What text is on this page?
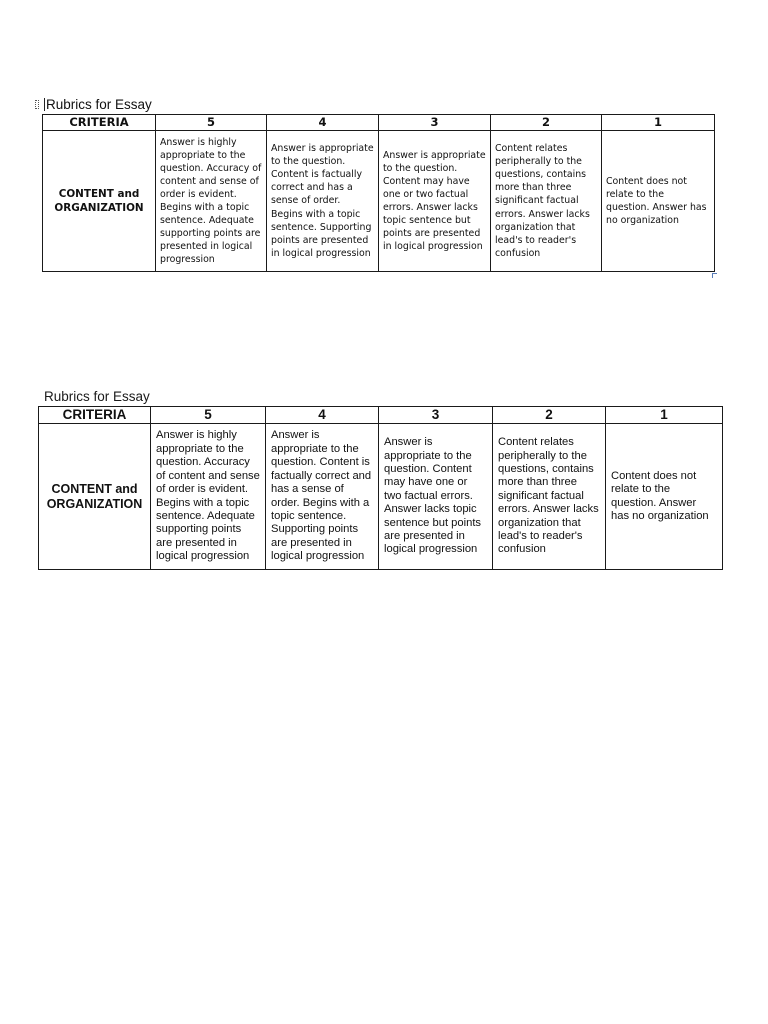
Rubrics for Essay
CRITERIA	5	4	3	2	1
CONTENT and ORGANIZATION	Answer is highly appropriate to the question. Accuracy of content and sense of order is evident. Begins with a topic sentence. Adequate supporting points are presented in logical progression	Answer is appropriate to the question. Content is factually correct and has a sense of order. Begins with a topic sentence. Supporting points are presented in logical progression	Answer is appropriate to the question. Content may have one or two factual errors. Answer lacks topic sentence but points are presented in logical progression	Content relates peripherally to the questions, contains more than three significant factual errors. Answer lacks organization that lead's to reader's confusion	Content does not relate to the question. Answer has no organization
Rubrics for Essay
CRITERIA	5	4	3	2	1
CONTENT and ORGANIZATION	Answer is highly appropriate to the question. Accuracy of content and sense of order is evident. Begins with a topic sentence. Adequate supporting points are presented in logical progression	Answer is appropriate to the question. Content is factually correct and has a sense of order. Begins with a topic sentence. Supporting points are presented in logical progression	Answer is appropriate to the question. Content may have one or two factual errors. Answer lacks topic sentence but points are presented in logical progression	Content relates peripherally to the questions, contains more than three significant factual errors. Answer lacks organization that lead's to reader's confusion	Content does not relate to the question. Answer has no organization
